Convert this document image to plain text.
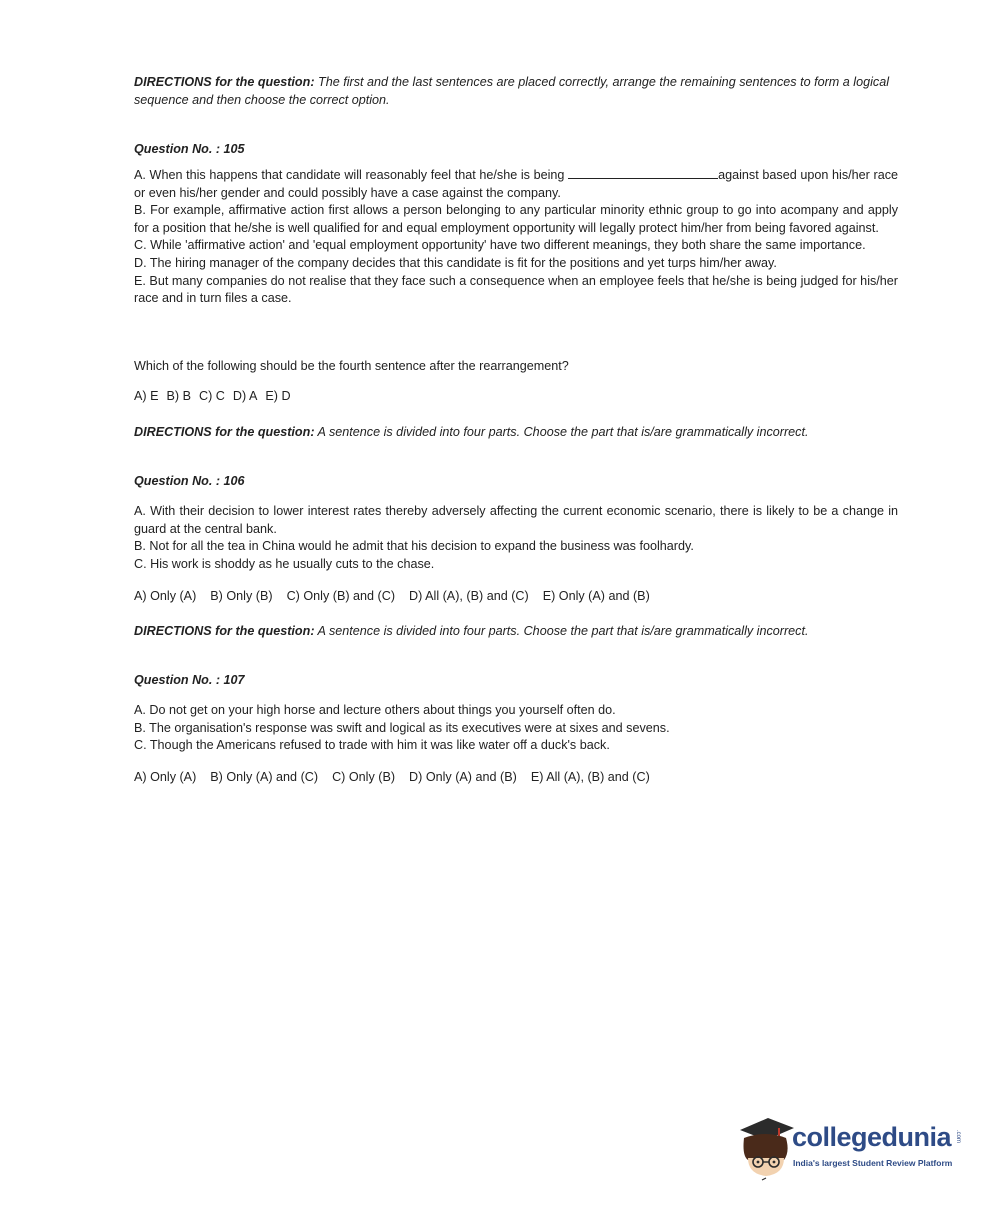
DIRECTIONS for the question: The first and the last sentences are placed correctly, arrange the remaining sentences to form a logical sequence and then choose the correct option.
Question No. : 105
A. When this happens that candidate will reasonably feel that he/she is being	against based upon his/her race or even his/her gender and could possibly have a case against the company.
B. For example, affirmative action first allows a person belonging to any particular minority ethnic group to go into acompany and apply for a position that he/she is well qualified for and equal employment opportunity will legally protect him/her from being favored against.
C. While 'affirmative action' and 'equal employment opportunity' have two different meanings, they both share the same importance.
D. The hiring manager of the company decides that this candidate is fit for the positions and yet turps him/her away.
E. But many companies do not realise that they face such a consequence when an employee feels that he/she is being judged for his/her race and in turn files a case.
Which of the following should be the fourth sentence after the rearrangement?
A) E B) B C) C D) A E) D
DIRECTIONS for the question: A sentence is divided into four parts. Choose the part that is/are grammatically incorrect.
Question No. : 106
A. With their decision to lower interest rates thereby adversely affecting the current economic scenario, there is likely to be a change in guard at the central bank.
B. Not for all the tea in China would he admit that his decision to expand the business was foolhardy.
C. His work is shoddy as he usually cuts to the chase.
A) Only (A) B) Only (B) C) Only (B) and (C) D) All (A), (B) and (C) E) Only (A) and (B)
DIRECTIONS for the question: A sentence is divided into four parts. Choose the part that is/are grammatically incorrect.
Question No. : 107
A. Do not get on your high horse and lecture others about things you yourself often do.
B. The organisation's response was swift and logical as its executives were at sixes and sevens.
C. Though the Americans refused to trade with him it was like water off a duck's back.
A) Only (A) B) Only (A) and (C) C) Only (B) D) Only (A) and (B) E) All (A), (B) and (C)
collegedunia .com
India's largest Student Review Platform
